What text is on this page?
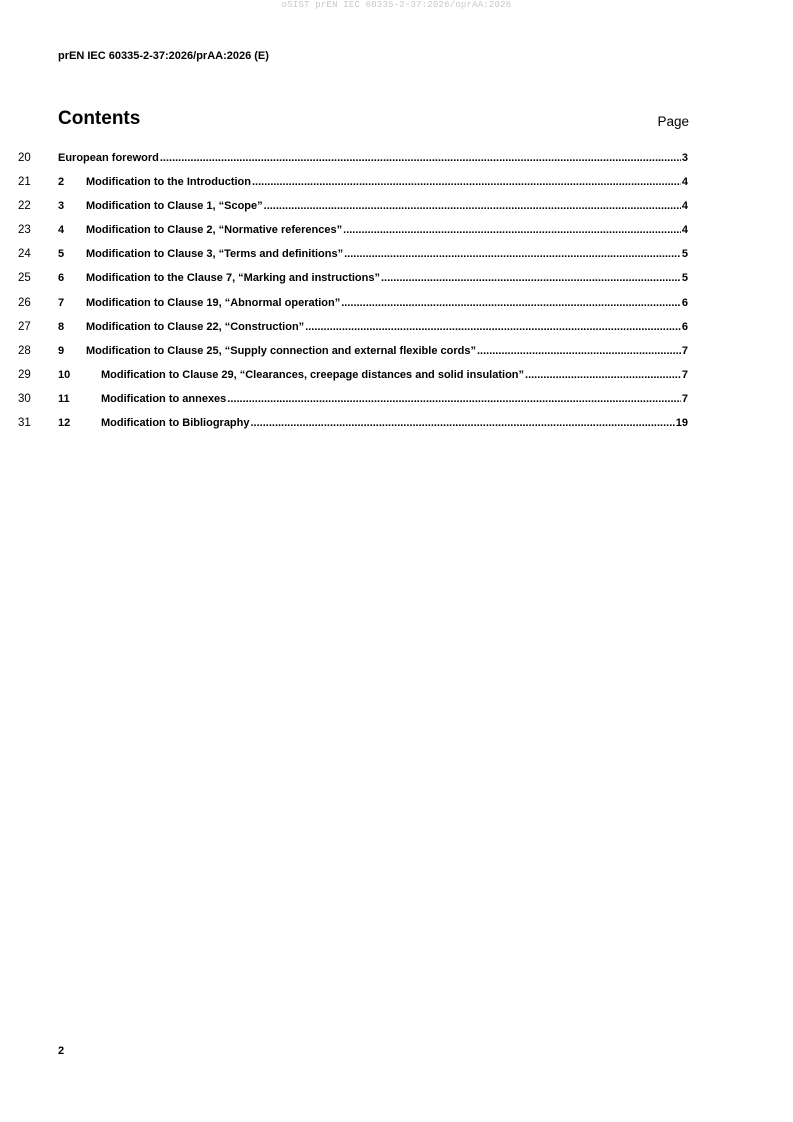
oSIST prEN IEC 60335-2-37:2026/oprAA:2026
prEN IEC 60335-2-37:2026/prAA:2026 (E)
Contents	Page
20 European foreword .....	3
21 2	Modification to the Introduction .....	4
22 3	Modification to Clause 1, “Scope” .....	4
23 4	Modification to Clause 2, “Normative references” .....	4
24 5	Modification to Clause 3, “Terms and definitions” .....	5
25 6	Modification to the Clause 7, “Marking and instructions” .....	5
26 7	Modification to Clause 19, “Abnormal operation” .....	6
27 8	Modification to Clause 22, “Construction” .....	6
28 9	Modification to Clause 25, “Supply connection and external flexible cords” .....	7
29 10	Modification to Clause 29, “Clearances, creepage distances and solid insulation” .....	7
30 11	Modification to annexes .....	7
31 12	Modification to Bibliography .....	19
2
